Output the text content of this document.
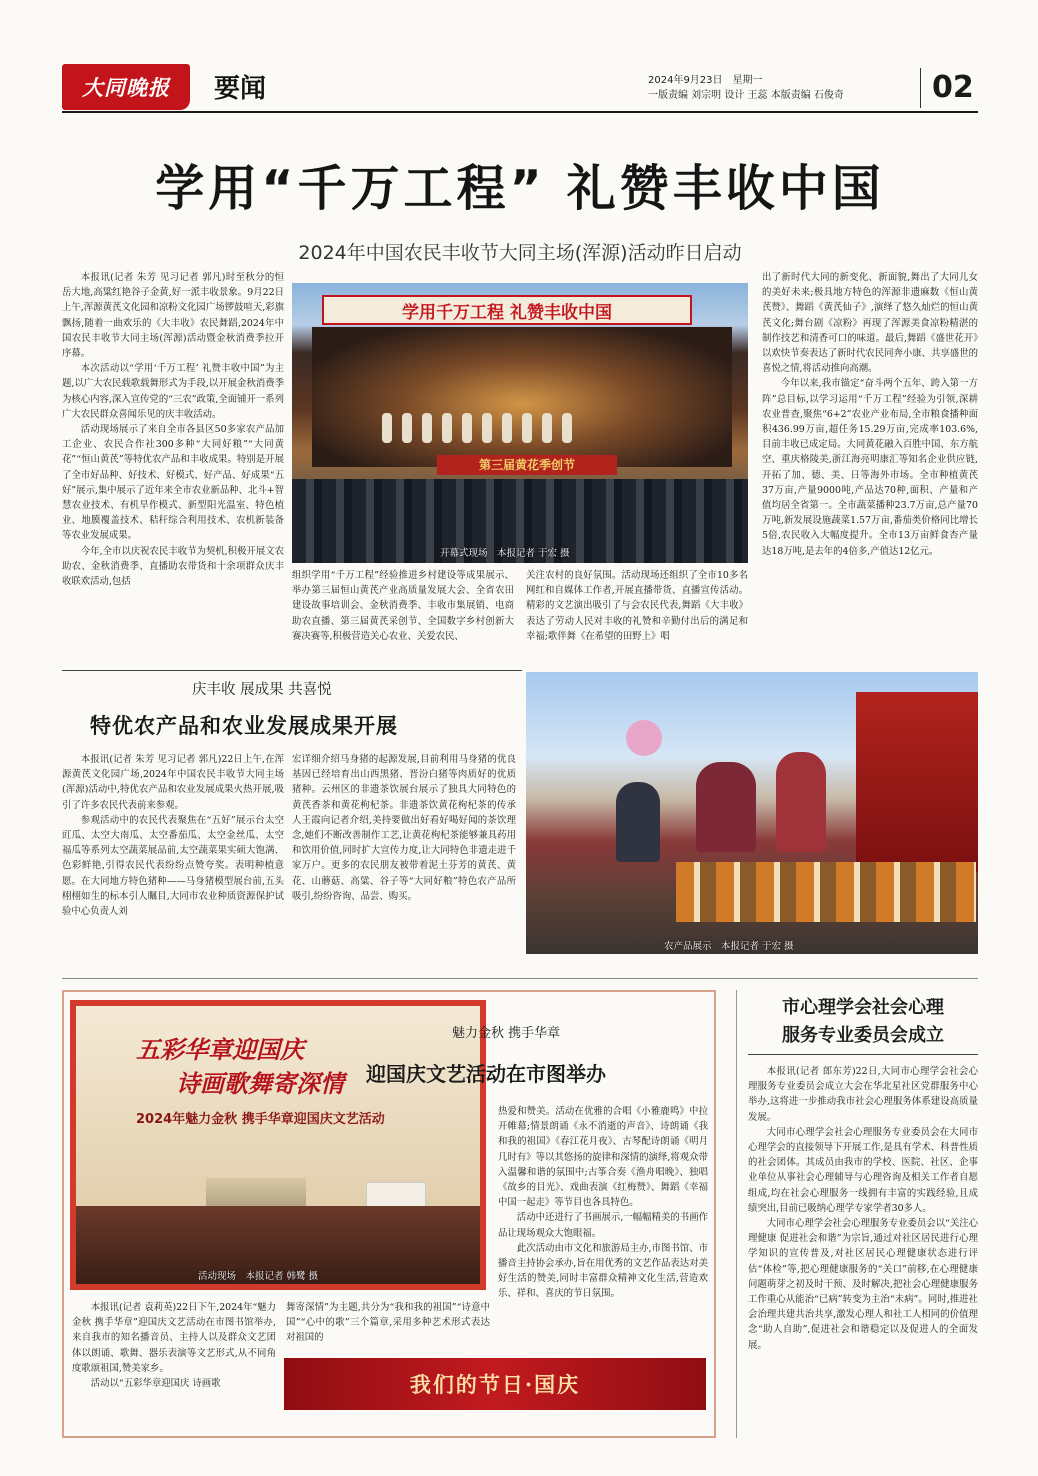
大同晚报	要闻	2024年9月23日　星期一
一版责编 刘宗明 设计 王蕊 本版责编 石俊奇	02
学用“千万工程” 礼赞丰收中国
2024年中国农民丰收节大同主场(浑源)活动昨日启动

本报讯(记者 朱芳 见习记者 郭凡)时至秋分的恒岳大地,高粱红艳谷子金黄,好一派丰收景象。9月22日上午,浑源黄芪文化园和凉粉文化园广场锣鼓喧天,彩旗飘扬,随着一曲欢乐的《大丰收》农民舞蹈,2024年中国农民丰收节大同主场(浑源)活动暨金秋消费季拉开序幕。

本次活动以“学用‘千万工程’ 礼赞丰收中国”为主题,以广大农民载歌载舞形式为手段,以开展金秋消费季为核心内容,深入宣传党的“三农”政策,全面铺开一系列广大农民群众喜闻乐见的庆丰收活动。

活动现场展示了来自全市各县区50多家农产品加工企业、农民合作社300多种“大同好粮”“大同黄花”“恒山黄芪”等特优农产品和丰收成果。特别是开展了全市好品种、好技术、好模式、好产品、好成果“五好”展示,集中展示了近年来全市农业新品种、北斗+智慧农业技术、有机旱作模式、新型阳光温室、特色植业、地膜覆盖技术、秸秆综合利用技术、农机新装备等农业发展成果。

今年,全市以庆祝农民丰收节为契机,积极开展文农助农、金秋消费季、直播助农带货和十余项群众庆丰收联欢活动,包括

学用千万工程 礼赞丰收中国
第三届黄花季创节
开幕式现场　本报记者 于宏 摄

组织学用“千万工程”经验推进乡村建设等成果展示、举办第三届恒山黄芪产业高质量发展大会、全省农田建设故事培训会、金秋消费季、丰收市集展销、电商助农直播、第三届黄芪采创节、全国数字乡村创新大赛决赛等,积极营造关心农业、关爱农民、

关注农村的良好氛围。活动现场还组织了全市10多名网红和自媒体工作者,开展直播带货、直播宣传活动。精彩的文艺演出吸引了与会农民代表,舞蹈《大丰收》表达了劳动人民对丰收的礼赞和辛勤付出后的满足和幸福;歌伴舞《在希望的田野上》唱

出了新时代大同的新变化、新面貌,舞出了大同儿女的美好未来;极具地方特色的浑源非遗麻数《恒山黄芪赞》、舞蹈《黄芪仙子》,演绎了悠久灿烂的恒山黄芪文化;舞台剧《凉粉》再现了浑源美食凉粉精湛的制作技艺和清香可口的味道。最后,舞蹈《盛世花开》以欢快节奏表达了新时代农民同奔小康、共享盛世的喜悦之情,将活动推向高潮。

今年以来,我市锚定“奋斗两个五年、跨入第一方阵”总目标,以学习运用“千万工程”经验为引领,深耕农业普查,聚焦“6+2”农业产业布局,全市粮食播种面积436.99万亩,超任务15.29万亩,完成率103.6%,目前丰收已成定局。大同黄花融入百胜中国、东方航空、重庆格陵美,浙江海亮明康汇等知名企业供应链,开拓了加、德、美、日等海外市场。全市种植黄芪37万亩,产量9000吨,产品达70种,面积、产量和产值均居全省第一。全市蔬菜播种23.7万亩,总产量70万吨,新发展设施蔬菜1.57万亩,番茄类价格同比增长5倍,农民收入大幅度提升。全市13万亩鲜食杏产量达18万吨,是去年的4倍多,产值达12亿元。

庆丰收 展成果 共喜悦
特优农产品和农业发展成果开展

本报讯(记者 朱芳 见习记者 郭凡)22日上午,在浑源黄芪文化园广场,2024年中国农民丰收节大同主场(浑源)活动中,特优农产品和农业发展成果火热开展,吸引了许多农民代表前来参观。

参观活动中的农民代表聚焦在“五好”展示台太空豇瓜、太空大南瓜、太空番茄瓜、太空金丝瓜、太空福瓜等系列太空蔬菜展品前,太空蔬菜果实硕大饱满、色彩鲜艳,引得农民代表纷纷点赞夸奖。表明种植意愿。在大同地方特色猪种——马身猪模型展台前,五头栩栩如生的标本引人瞩目,大同市农业种质资源保护试验中心负责人刘

宏详细介绍马身猪的起源发展,目前利用马身猪的优良基因已经培育出山西黑猪、晋汾白猪等肉质好的优质猪种。云州区的非遗茶饮展台展示了独具大同特色的黄芪香茶和黄花枸杞茶。非遗茶饮黄花枸杞茶的传承人王霞向记者介绍,美持要做出好看好喝好闻的茶饮理念,她们不断改善制作工艺,让黄花枸杞茶能够兼具药用和饮用价值,同时扩大宣传力度,让大同特色非遗走进千家万户。更多的农民朋友被带着泥土芬芳的黄芪、黄花、山蘑菇、高粱、谷子等“大同好粮”特色农产品所吸引,纷纷咨询、品尝、购买。

农产品展示　本报记者 于宏 摄
五彩华章迎国庆
诗画歌舞寄深情
2024年魅力金秋 携手华章迎国庆文艺活动
活动现场　本报记者 韩鹭 摄
魅力金秋 携手华章
迎国庆文艺活动在市图举办

热爱和赞美。活动在优雅的合唱《小雅鹿鸣》中拉开帷幕;情景朗诵《永不消逝的声音》、诗朗诵《我和我的祖国》《春江花月夜》、古琴配诗朗诵《明月几时有》等以其悠扬的旋律和深情的演绎,将观众带入温馨和谐的氛围中;古筝合奏《渔舟唱晚》、独唱《故乡的目光》、戏曲表演《红梅赞》、舞蹈《幸福中国一起走》等节目也各具特色。

活动中还进行了书画展示,一幅幅精美的书画作品让现场观众大饱眼福。

此次活动由市文化和旅游局主办,市图书馆、市播音主持协会承办,旨在用优秀的文艺作品表达对美好生活的赞美,同时丰富群众精神文化生活,营造欢乐、祥和、喜庆的节日氛围。

本报讯(记者 袁莉英)22日下午,2024年“魅力金秋 携手华章”迎国庆文艺活动在市图书馆举办,来自我市的知名播音员、主持人以及群众文艺团体以朗诵、歌舞、器乐表演等文艺形式,从不同角度歌颂祖国,赞美家乡。

活动以“五彩华章迎国庆 诗画歌

舞寄深情”为主题,共分为“我和我的祖国”“诗意中国”“心中的歌”三个篇章,采用多种艺术形式表达对祖国的

我们的节日·国庆
市心理学会社会心理
服务专业委员会成立

本报讯(记者 郎东芳)22日,大同市心理学会社会心理服务专业委员会成立大会在华北星社区党群服务中心举办,这将进一步推动我市社会心理服务体系建设高质量发展。

大同市心理学会社会心理服务专业委员会在大同市心理学会的直接领导下开展工作,是具有学术、科普性质的社会团体。其成员由我市的学校、医院、社区、企事业单位从事社会心理辅导与心理咨询及相关工作者自愿组成,均在社会心理服务一线拥有丰富的实践经验,且成绩突出,目前已吸纳心理学专家学者30多人。

大同市心理学会社会心理服务专业委员会以“关注心理健康 促进社会和谐”为宗旨,通过对社区居民进行心理学知识的宣传普及,对社区居民心理健康状态进行评估“体检”等,把心理健康服务的“关口”前移,在心理健康问题萌芽之初及时干预、及时解决,把社会心理健康服务工作重心从能治“已病”转变为主治“未病”。同时,推进社会治理共建共治共享,激发心理人和社工人相同的价值理念“助人自助”,促进社会和谐稳定以及促进人的全面发展。
